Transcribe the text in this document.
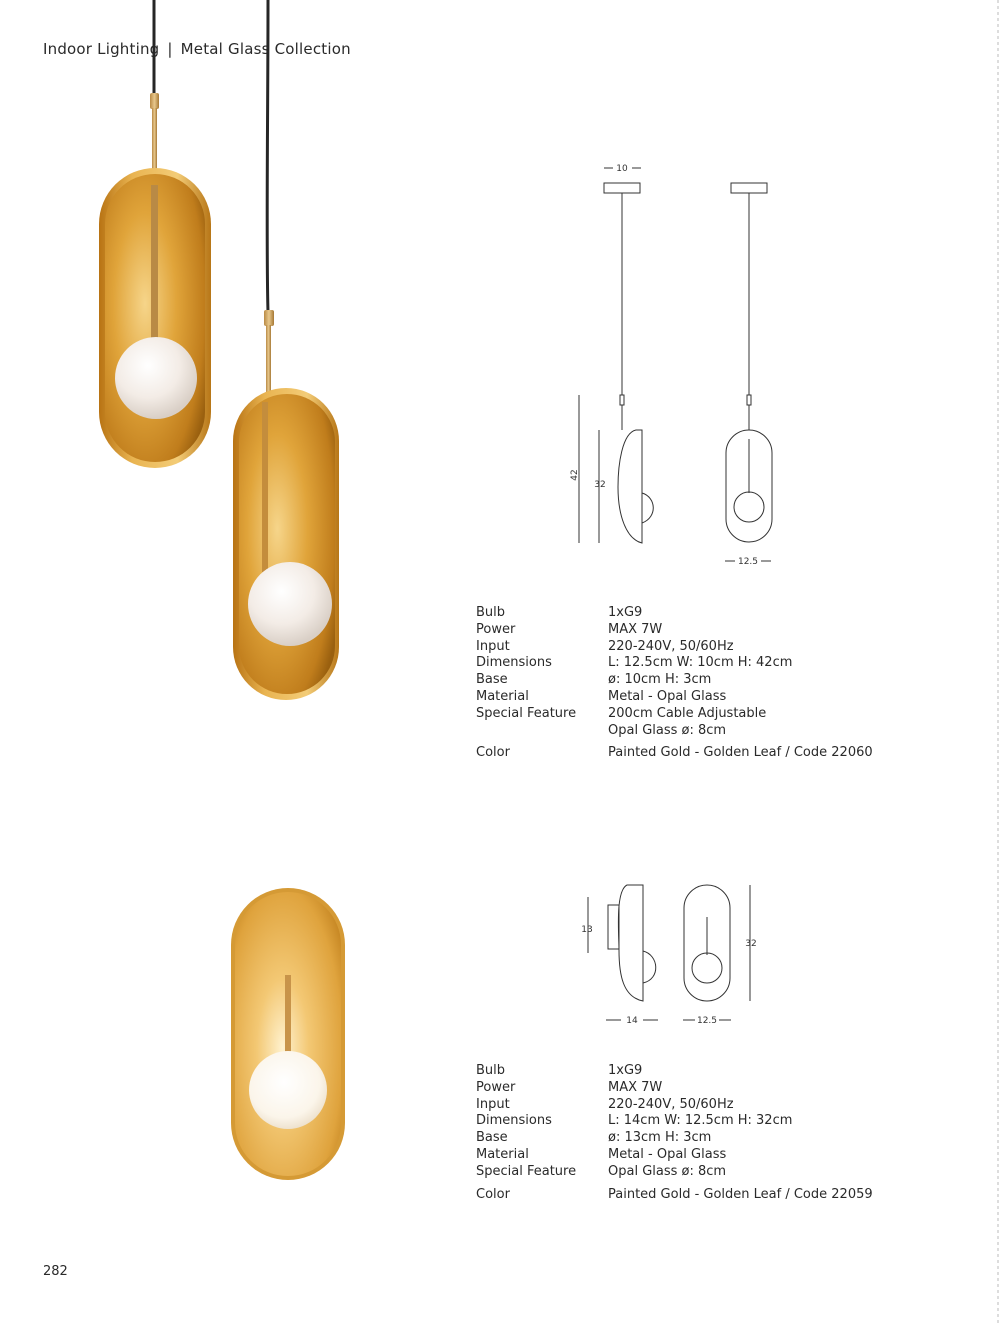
Indoor Lighting | Metal Glass Collection
10
42
32
12.5
Bulb	1xG9
Power	MAX 7W
Input	220-240V, 50/60Hz
Dimensions	L: 12.5cm W: 10cm H: 42cm
Base	ø: 10cm H: 3cm
Material	Metal - Opal Glass
Special Feature	200cm Cable Adjustable
Opal Glass ø: 8cm
Color	Painted Gold - Golden Leaf / Code 22060
13
32
14	12.5
Bulb	1xG9
Power	MAX 7W
Input	220-240V, 50/60Hz
Dimensions	L: 14cm W: 12.5cm H: 32cm
Base	ø: 13cm H: 3cm
Material	Metal - Opal Glass
Special Feature	Opal Glass ø: 8cm
Color	Painted Gold - Golden Leaf / Code 22059
282
